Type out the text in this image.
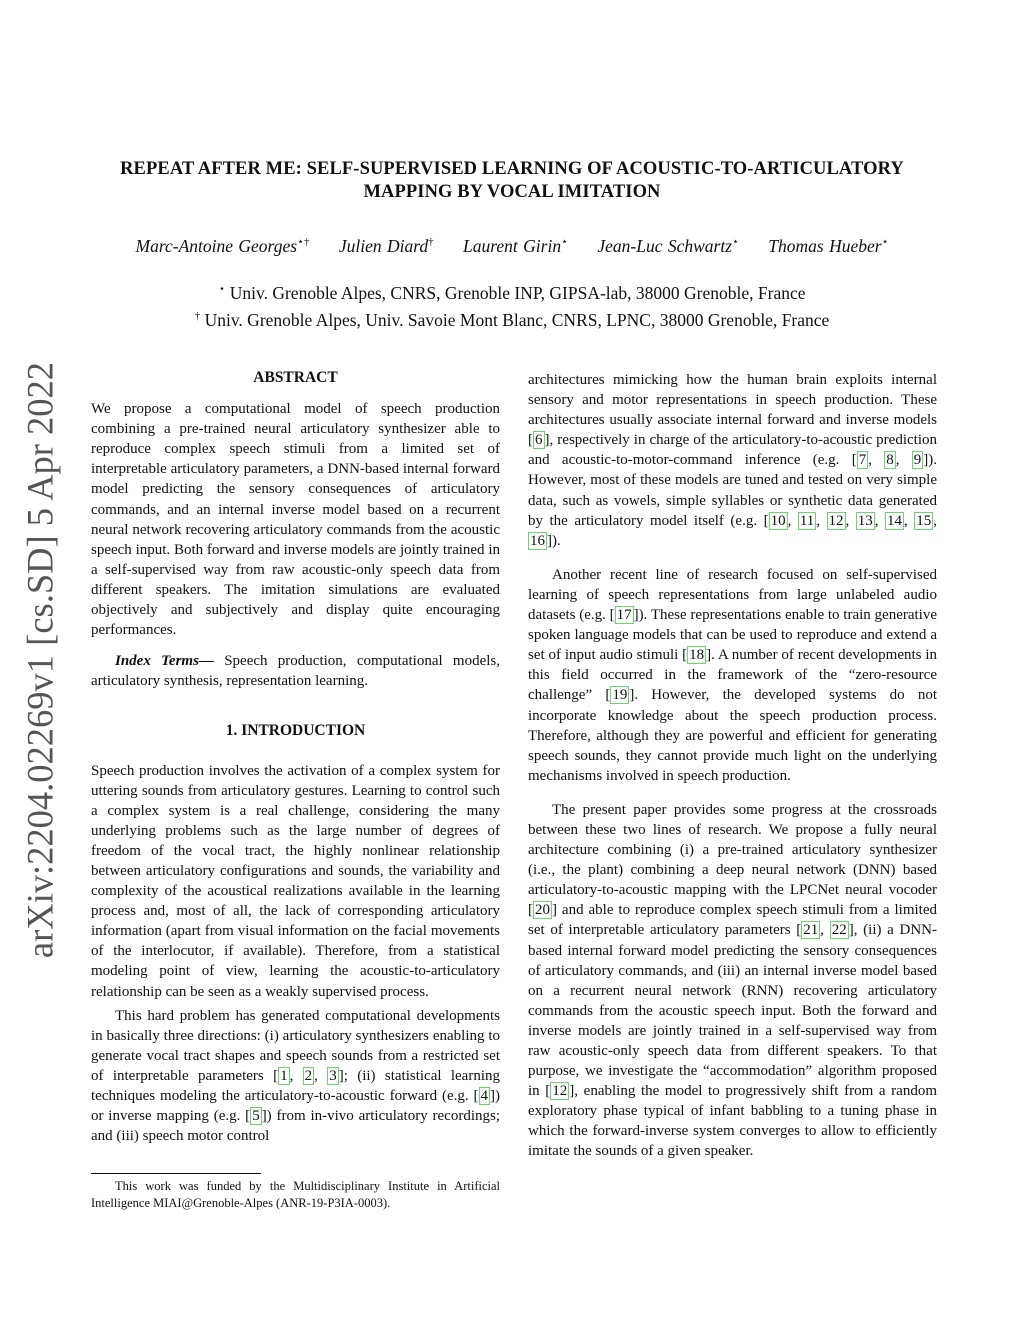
arXiv:2204.02269v1 [cs.SD] 5 Apr 2022
REPEAT AFTER ME: SELF-SUPERVISED LEARNING OF ACOUSTIC-TO-ARTICULATORY
MAPPING BY VOCAL IMITATION
Marc-Antoine Georges⋆† Julien Diard† Laurent Girin⋆ Jean-Luc Schwartz⋆ Thomas Hueber⋆
⋆ Univ. Grenoble Alpes, CNRS, Grenoble INP, GIPSA-lab, 38000 Grenoble, France
† Univ. Grenoble Alpes, Univ. Savoie Mont Blanc, CNRS, LPNC, 38000 Grenoble, France
ABSTRACT

We propose a computational model of speech production combining a pre-trained neural articulatory synthesizer able to reproduce complex speech stimuli from a limited set of interpretable articulatory parameters, a DNN-based internal forward model predicting the sensory consequences of articulatory commands, and an internal inverse model based on a recurrent neural network recovering articulatory commands from the acoustic speech input. Both forward and inverse models are jointly trained in a self-supervised way from raw acoustic-only speech data from different speakers. The imitation simulations are evaluated objectively and subjectively and display quite encouraging performances.

Index Terms— Speech production, computational models, articulatory synthesis, representation learning.

1. INTRODUCTION

Speech production involves the activation of a complex system for uttering sounds from articulatory gestures. Learning to control such a complex system is a real challenge, considering the many underlying problems such as the large number of degrees of freedom of the vocal tract, the highly nonlinear relationship between articulatory configurations and sounds, the variability and complexity of the acoustical realizations available in the learning process and, most of all, the lack of corresponding articulatory information (apart from visual information on the facial movements of the interlocutor, if available). Therefore, from a statistical modeling point of view, learning the acoustic-to-articulatory relationship can be seen as a weakly supervised process.

This hard problem has generated computational developments in basically three directions: (i) articulatory synthesizers enabling to generate vocal tract shapes and speech sounds from a restricted set of interpretable parameters [ 1 , 2 , 3 ]; (ii) statistical learning techniques modeling the articulatory-to-acoustic forward (e.g. [ 4 ]) or inverse mapping (e.g. [ 5 ]) from in-vivo articulatory recordings; and (iii) speech motor control

This work was funded by the Multidisciplinary Institute in Artificial Intelligence MIAI@Grenoble-Alpes (ANR-19-P3IA-0003).

architectures mimicking how the human brain exploits internal sensory and motor representations in speech production. These architectures usually associate internal forward and inverse models [ 6 ], respectively in charge of the articulatory-to-acoustic prediction and acoustic-to-motor-command inference (e.g. [ 7 , 8 , 9 ]). However, most of these models are tuned and tested on very simple data, such as vowels, simple syllables or synthetic data generated by the articulatory model itself (e.g. [ 10 , 11 , 12 , 13 , 14 , 15 , 16 ]).

Another recent line of research focused on self-supervised learning of speech representations from large unlabeled audio datasets (e.g. [ 17 ]). These representations enable to train generative spoken language models that can be used to reproduce and extend a set of input audio stimuli [ 18 ]. A number of recent developments in this field occurred in the framework of the “zero-resource challenge” [ 19 ]. However, the developed systems do not incorporate knowledge about the speech production process. Therefore, although they are powerful and efficient for generating speech sounds, they cannot provide much light on the underlying mechanisms involved in speech production.

The present paper provides some progress at the crossroads between these two lines of research. We propose a fully neural architecture combining (i) a pre-trained articulatory synthesizer (i.e., the plant) combining a deep neural network (DNN) based articulatory-to-acoustic mapping with the LPCNet neural vocoder [ 20 ] and able to reproduce complex speech stimuli from a limited set of interpretable articulatory parameters [ 21 , 22 ], (ii) a DNN-based internal forward model predicting the sensory consequences of articulatory commands, and (iii) an internal inverse model based on a recurrent neural network (RNN) recovering articulatory commands from the acoustic speech input. Both the forward and inverse models are jointly trained in a self-supervised way from raw acoustic-only speech data from different speakers. To that purpose, we investigate the “accommodation” algorithm proposed in [ 12 ], enabling the model to progressively shift from a random exploratory phase typical of infant babbling to a tuning phase in which the forward-inverse system converges to allow to efficiently imitate the sounds of a given speaker.
